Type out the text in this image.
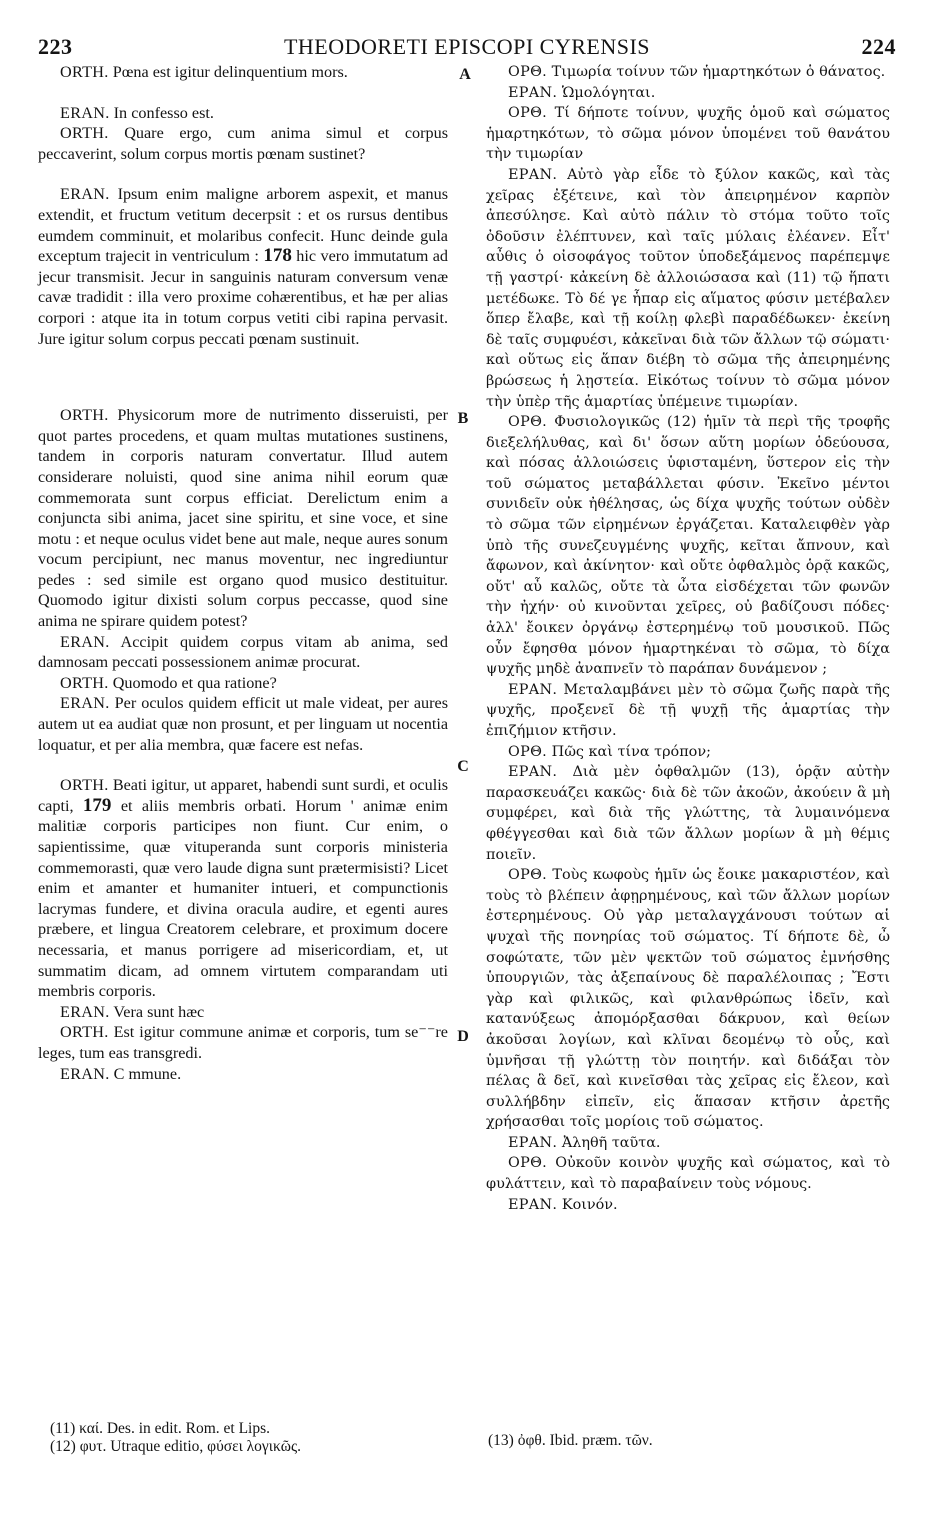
THEODORETI EPISCOPI CYRENSIS
223	224
A
B
C
D

ORTH. Pœna est igitur delinquentium mors.

ERAN. In confesso est.

ORTH. Quare ergo, cum anima simul et corpus peccaverint, solum corpus mortis pœnam sustinet?

ERAN. Ipsum enim maligne arborem aspexit, et manus extendit, et fructum vetitum decerpsit : et os rursus dentibus eumdem comminuit, et molaribus confecit. Hunc deinde gula exceptum trajecit in ventriculum : 178 hic vero immutatum ad jecur transmisit. Jecur in sanguinis naturam conversum venæ cavæ tradidit : illa vero proxime cohærentibus, et hæ per alias corpori : atque ita in totum corpus vetiti cibi rapina pervasit. Jure igitur solum corpus peccati pœnam sustinuit.

ORTH. Physicorum more de nutrimento disseruisti, per quot partes procedens, et quam multas mutationes sustinens, tandem in corporis naturam convertatur. Illud autem considerare noluisti, quod sine anima nihil eorum quæ commemorata sunt corpus efficiat. Derelictum enim a conjuncta sibi anima, jacet sine spiritu, et sine voce, et sine motu : et neque oculus videt bene aut male, neque aures sonum vocum percipiunt, nec manus moventur, nec ingrediuntur pedes : sed simile est organo quod musico destituitur. Quomodo igitur dixisti solum corpus peccasse, quod sine anima ne spirare quidem potest?

ERAN. Accipit quidem corpus vitam ab anima, sed damnosam peccati possessionem animæ procurat.

ORTH. Quomodo et qua ratione?

ERAN. Per oculos quidem efficit ut male videat, per aures autem ut ea audiat quæ non prosunt, et per linguam ut nocentia loquatur, et per alia membra, quæ facere est nefas.

ORTH. Beati igitur, ut apparet, habendi sunt surdi, et oculis capti, 179 et aliis membris orbati. Horum ' animæ enim malitiæ corporis participes non fiunt. Cur enim, o sapientissime, quæ vituperanda sunt corporis ministeria commemorasti, quæ vero laude digna sunt prætermisisti? Licet enim et amanter et humaniter intueri, et compunctionis lacrymas fundere, et divina oracula audire, et egenti aures præbere, et lingua Creatorem celebrare, et proximum docere necessaria, et manus porrigere ad misericordiam, et, ut summatim dicam, ad omnem virtutem comparandam uti membris corporis.

ERAN. Vera sunt hæc

ORTH. Est igitur commune animæ et corporis, tum se⁻⁻re leges, tum eas transgredi.

ERAN. C mmune.

ΟΡΘ. Τιμωρία τοίνυν τῶν ἡμαρτηκότων ὁ θάνατος.

ΕΡΑΝ. Ὡμολόγηται.

ΟΡΘ. Τί δήποτε τοίνυν, ψυχῆς ὁμοῦ καὶ σώματος ἡμαρτηκότων, τὸ σῶμα μόνον ὑπομένει τοῦ θανάτου τὴν τιμωρίαν

ΕΡΑΝ. Αὐτὸ γὰρ εἶδε τὸ ξύλον κακῶς, καὶ τὰς χεῖρας ἐξέτεινε, καὶ τὸν ἀπειρημένον καρπὸν ἀπεσύλησε. Καὶ αὐτὸ πάλιν τὸ στόμα τοῦτο τοῖς ὀδοῦσιν ἐλέπτυνεν, καὶ ταῖς μύλαις ἐλέανεν. Εἶτ' αὖθις ὁ οἰσοφάγος τοῦτον ὑποδεξάμενος παρέπεμψε τῇ γαστρί· κἀκείνη δὲ ἀλλοιώσασα καὶ (11) τῷ ἥπατι μετέδωκε. Τὸ δέ γε ἧπαρ εἰς αἵματος φύσιν μετέβαλεν ὅπερ ἔλαβε, καὶ τῇ κοίλῃ φλεβὶ παραδέδωκεν· ἐκείνη δὲ ταῖς συμφυέσι, κἀκεῖναι διὰ τῶν ἄλλων τῷ σώματι· καὶ οὕτως εἰς ἅπαν διέβη τὸ σῶμα τῆς ἀπειρημένης βρώσεως ἡ λῃστεία. Εἰκότως τοίνυν τὸ σῶμα μόνον τὴν ὑπὲρ τῆς ἁμαρτίας ὑπέμεινε τιμωρίαν.

ΟΡΘ. Φυσιολογικῶς (12) ἡμῖν τὰ περὶ τῆς τροφῆς διεξελήλυθας, καὶ δι' ὅσων αὕτη μορίων ὁδεύουσα, καὶ πόσας ἀλλοιώσεις ὑφισταμένη, ὕστερον εἰς τὴν τοῦ σώματος μεταβάλλεται φύσιν. Ἐκεῖνο μέντοι συνιδεῖν οὐκ ἠθέλησας, ὡς δίχα ψυχῆς τούτων οὐδὲν τὸ σῶμα τῶν εἰρημένων ἐργάζεται. Καταλειφθὲν γὰρ ὑπὸ τῆς συνεζευγμένης ψυχῆς, κεῖται ἄπνουν, καὶ ἄφωνον, καὶ ἀκίνητον· καὶ οὔτε ὀφθαλμὸς ὁρᾷ κακῶς, οὔτ' αὖ καλῶς, οὔτε τὰ ὦτα εἰσδέχεται τῶν φωνῶν τὴν ἠχήν· οὐ κινοῦνται χεῖρες, οὐ βαδίζουσι πόδες· ἀλλ' ἔοικεν ὀργάνῳ ἐστερημένῳ τοῦ μουσικοῦ. Πῶς οὖν ἔφησθα μόνον ἡμαρτηκέναι τὸ σῶμα, τὸ δίχα ψυχῆς μηδὲ ἀναπνεῖν τὸ παράπαν δυνάμενον ;

ΕΡΑΝ. Μεταλαμβάνει μὲν τὸ σῶμα ζωῆς παρὰ τῆς ψυχῆς, προξενεῖ δὲ τῇ ψυχῇ τῆς ἁμαρτίας τὴν ἐπιζήμιον κτῆσιν.

ΟΡΘ. Πῶς καὶ τίνα τρόπον;

ΕΡΑΝ. Διὰ μὲν ὀφθαλμῶν (13), ὁρᾷν αὐτὴν παρασκευάζει κακῶς· διὰ δὲ τῶν ἀκοῶν, ἀκούειν ἃ μὴ συμφέρει, καὶ διὰ τῆς γλώττης, τὰ λυμαινόμενα φθέγγεσθαι καὶ διὰ τῶν ἄλλων μορίων ἃ μὴ θέμις ποιεῖν.

ΟΡΘ. Τοὺς κωφοὺς ἡμῖν ὡς ἔοικε μακαριστέον, καὶ τοὺς τὸ βλέπειν ἀφῃρημένους, καὶ τῶν ἄλλων μορίων ἐστερημένους. Οὐ γὰρ μεταλαγχάνουσι τούτων αἱ ψυχαὶ τῆς πονηρίας τοῦ σώματος. Τί δήποτε δὲ, ὦ σοφώτατε, τῶν μὲν ψεκτῶν τοῦ σώματος ἐμνήσθης ὑπουργιῶν, τὰς ἀξεπαίνους δὲ παραλέλοιπας ; Ἔστι γὰρ καὶ φιλικῶς, καὶ φιλανθρώπως ἰδεῖν, καὶ κατανύξεως ἀπομόρξασθαι δάκρυον, καὶ θείων ἀκοῦσαι λογίων, καὶ κλῖναι δεομένῳ τὸ οὖς, καὶ ὑμνῆσαι τῇ γλώττῃ τὸν ποιητήν. καὶ διδάξαι τὸν πέλας ἃ δεῖ, καὶ κινεῖσθαι τὰς χεῖρας εἰς ἔλεον, καὶ συλλήβδην εἰπεῖν, εἰς ἅπασαν κτῆσιν ἀρετῆς χρήσασθαι τοῖς μορίοις τοῦ σώματος.

ΕΡΑΝ. Ἀληθῆ ταῦτα.

ΟΡΘ. Οὐκοῦν κοινὸν ψυχῆς καὶ σώματος, καὶ τὸ φυλάττειν, καὶ τὸ παραβαίνειν τοὺς νόμους.

ΕΡΑΝ. Κοινόν.

(11) καί. Des. in edit. Rom. et Lips.

(12) φυτ. Utraque editio, φύσει λογικῶς.	(13) ὀφθ. Ibid. præm. τῶν.
